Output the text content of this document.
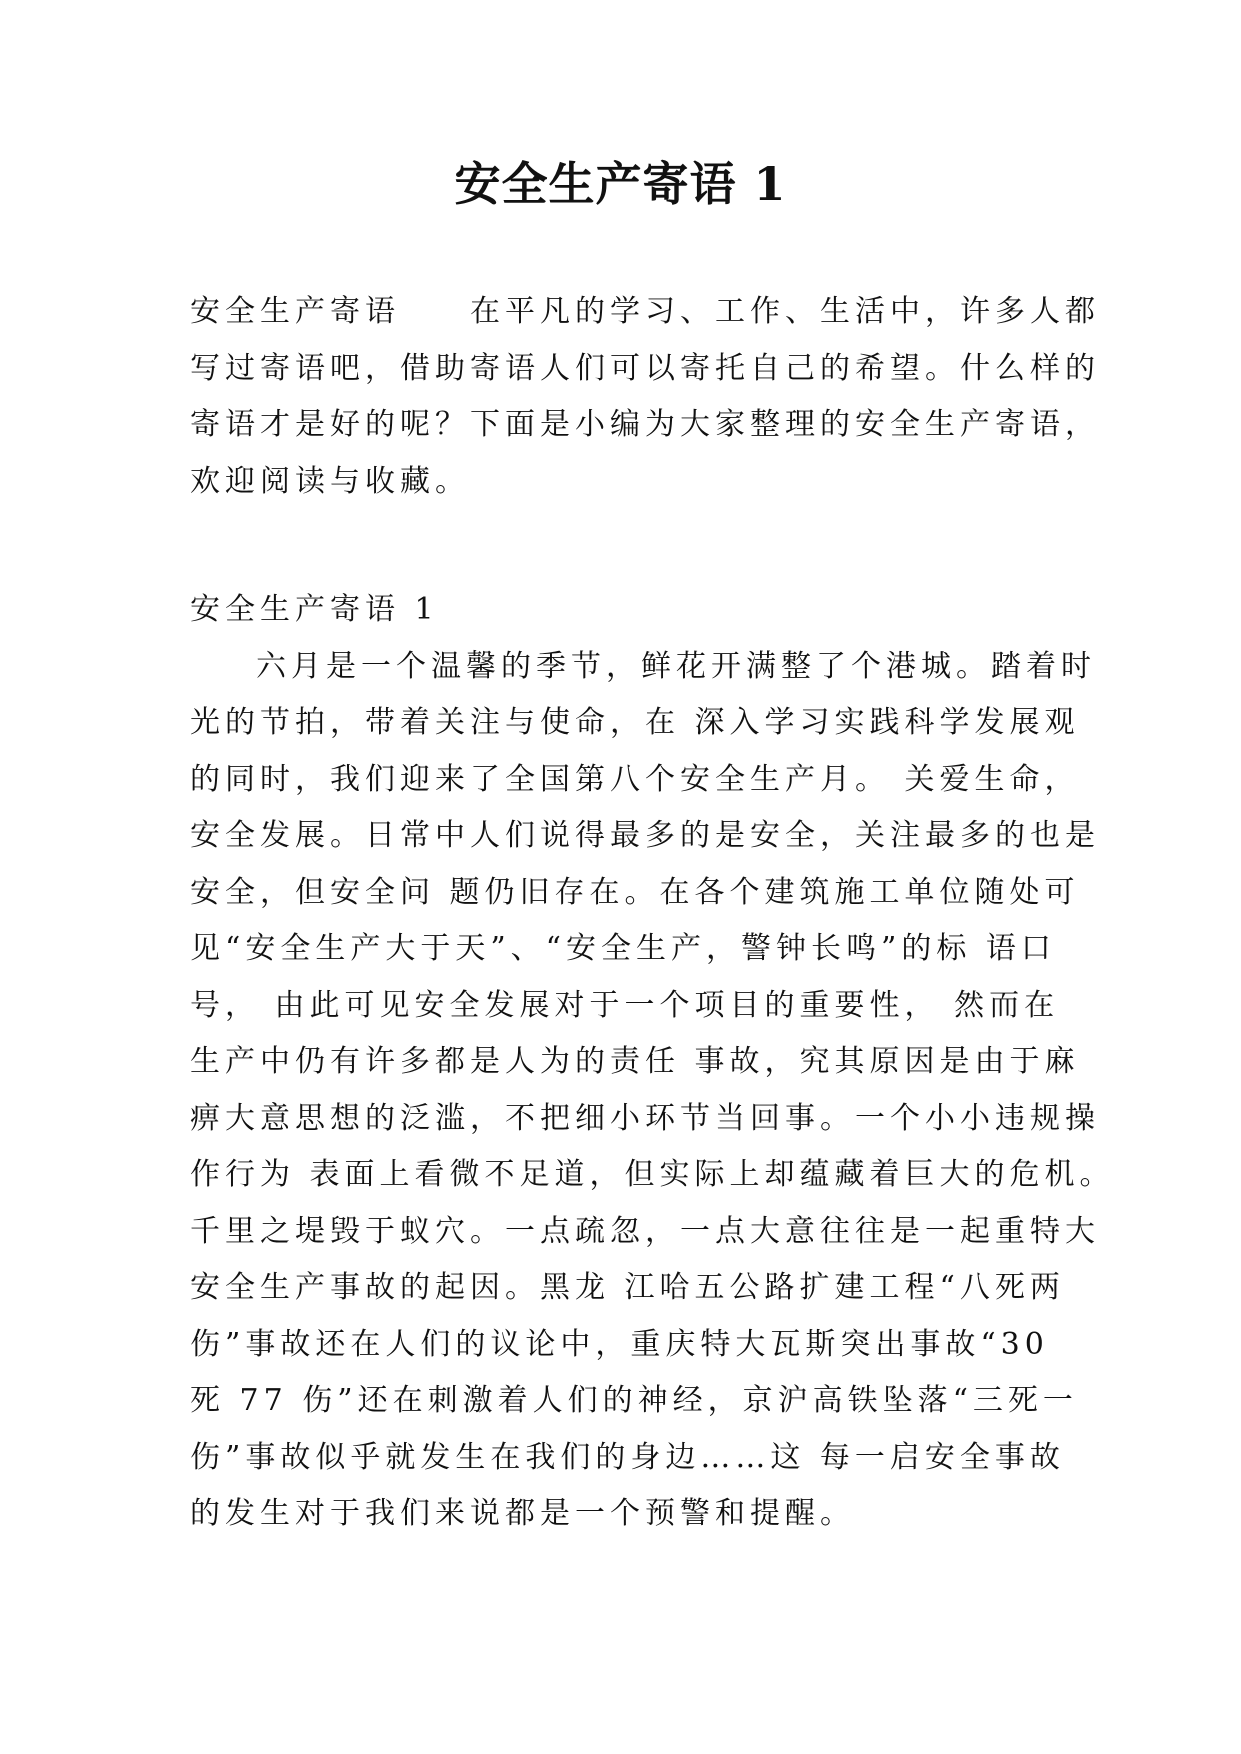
安全生产寄语 1
安全生产寄语　　在平凡的学习、工作、生活中，许多人都
写过寄语吧，借助寄语人们可以寄托自己的希望。什么样的
寄语才是好的呢？下面是小编为大家整理的安全生产寄语，
欢迎阅读与收藏。
安全生产寄语 1
六月是一个温馨的季节，鲜花开满整了个港城。踏着时
光的节拍，带着关注与使命，在 深入学习实践科学发展观
的同时，我们迎来了全国第八个安全生产月。 关爱生命，
安全发展。日常中人们说得最多的是安全，关注最多的也是
安全，但安全问 题仍旧存在。在各个建筑施工单位随处可
见“安全生产大于天”、“安全生产，警钟长鸣”的标 语口
号， 由此可见安全发展对于一个项目的重要性， 然而在
生产中仍有许多都是人为的责任 事故，究其原因是由于麻
痹大意思想的泛滥，不把细小环节当回事。一个小小违规操
作行为 表面上看微不足道，但实际上却蕴藏着巨大的危机。
千里之堤毁于蚁穴。一点疏忽，一点大意往往是一起重特大
安全生产事故的起因。黑龙 江哈五公路扩建工程“八死两
伤”事故还在人们的议论中，重庆特大瓦斯突出事故“30
死 77 伤”还在刺激着人们的神经，京沪高铁坠落“三死一
伤”事故似乎就发生在我们的身边……这 每一启安全事故
的发生对于我们来说都是一个预警和提醒。
